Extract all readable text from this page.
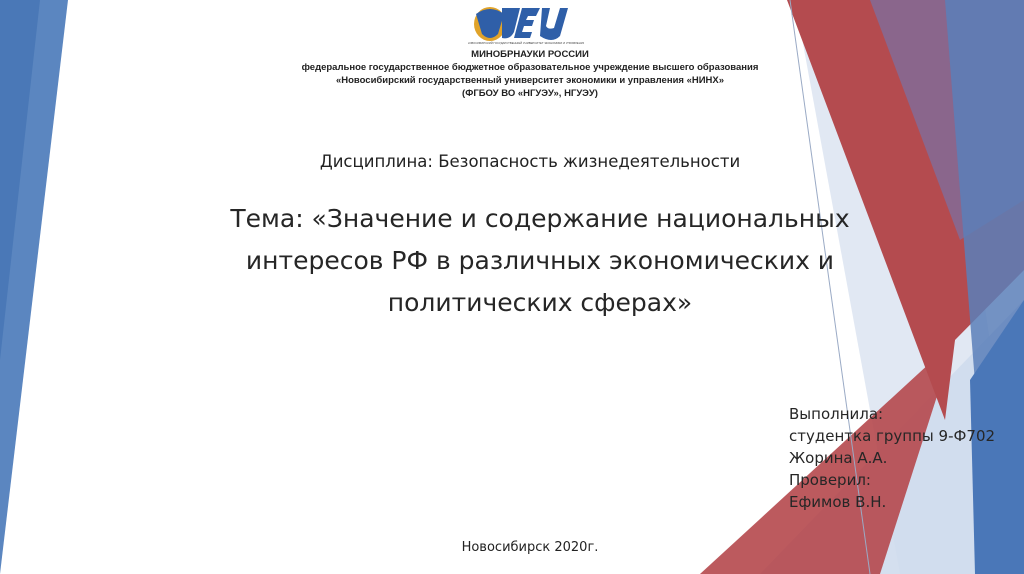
НОВОСИБИРСКИЙ ГОСУДАРСТВЕННЫЙ УНИВЕРСИТЕТ ЭКОНОМИКИ И УПРАВЛЕНИЯ
МИНОБРНАУКИ РОССИИ
федеральное государственное бюджетное образовательное учреждение высшего образования
«Новосибирский государственный университет экономики и управления «НИНХ»
(ФГБОУ ВО «НГУЭУ», НГУЭУ)
Дисциплина: Безопасность жизнедеятельности
Тема: «Значение и содержание национальных
интересов РФ в различных экономических и
политических сферах»
Выполнила:
студентка группы 9-Ф702
Жорина А.А.
Проверил:
Ефимов В.Н.
Новосибирск 2020г.
